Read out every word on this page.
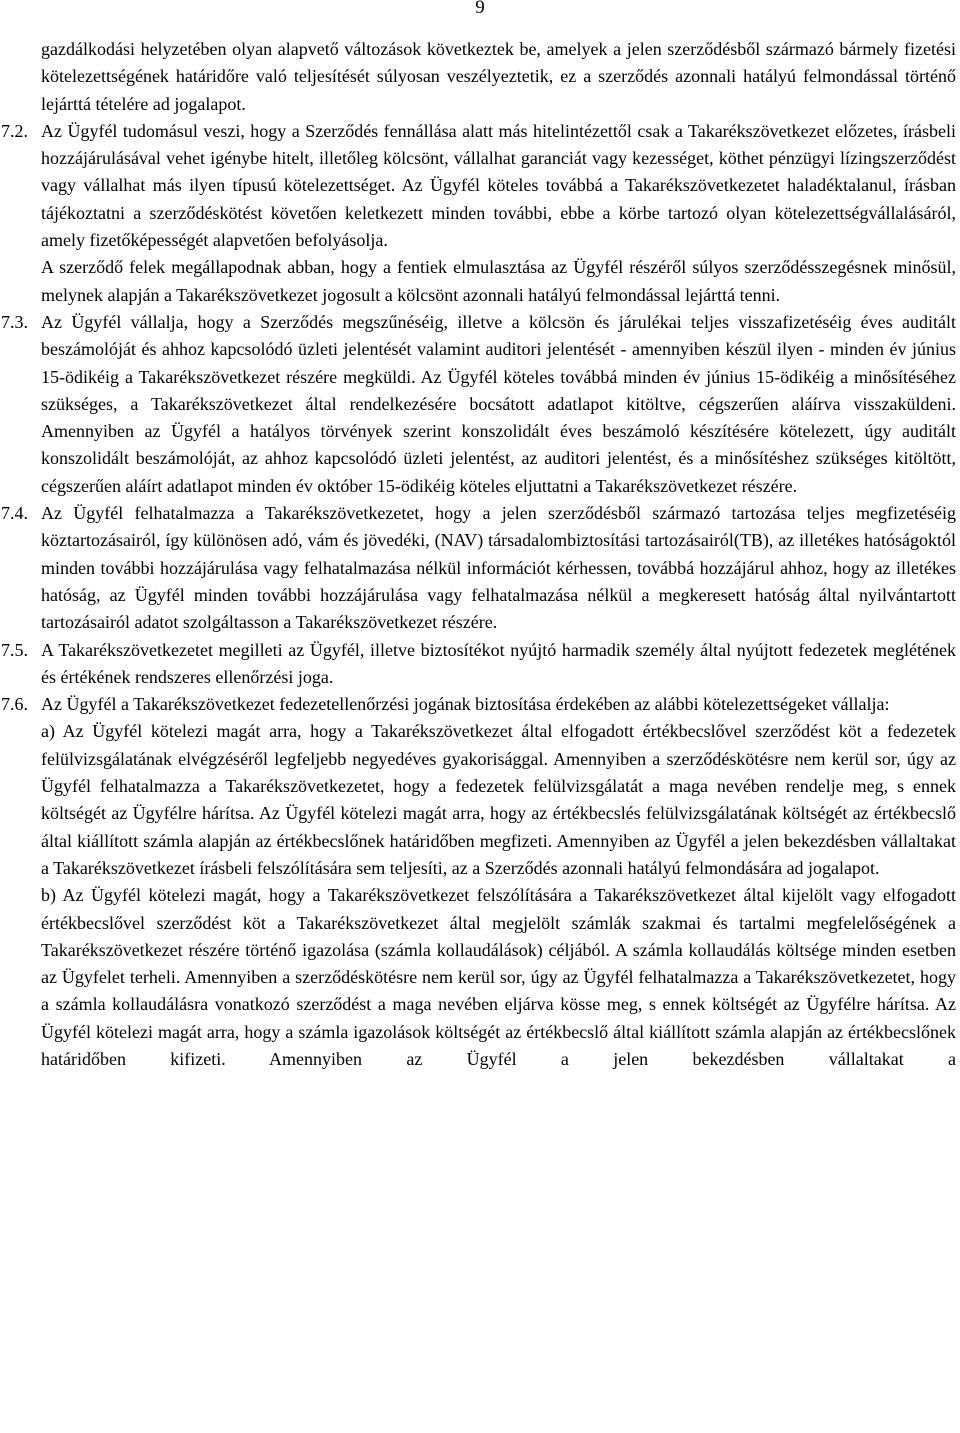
9

gazdálkodási helyzetében olyan alapvető változások következtek be, amelyek a jelen szerződésből származó bármely fizetési kötelezettségének határidőre való teljesítését súlyosan veszélyeztetik, ez a szerződés azonnali hatályú felmondással történő lejárttá tételére ad jogalapot.

7.2. Az Ügyfél tudomásul veszi, hogy a Szerződés fennállása alatt más hitelintézettől csak a Takarékszövetkezet előzetes, írásbeli hozzájárulásával vehet igénybe hitelt, illetőleg kölcsönt, vállalhat garanciát vagy kezességet, köthet pénzügyi lízingszerződést vagy vállalhat más ilyen típusú kötelezettséget. Az Ügyfél köteles továbbá a Takarékszövetkezetet haladéktalanul, írásban tájékoztatni a szerződéskötést követően keletkezett minden további, ebbe a körbe tartozó olyan kötelezettségvállalásáról, amely fizetőképességét alapvetően befolyásolja.

A szerződő felek megállapodnak abban, hogy a fentiek elmulasztása az Ügyfél részéről súlyos szerződésszegésnek minősül, melynek alapján a Takarékszövetkezet jogosult a kölcsönt azonnali hatályú felmondással lejárttá tenni.

7.3. Az Ügyfél vállalja, hogy a Szerződés megszűnéséig, illetve a kölcsön és járulékai teljes visszafizetéséig éves auditált beszámolóját és ahhoz kapcsolódó üzleti jelentését valamint auditori jelentését - amennyiben készül ilyen - minden év június 15-ödikéig a Takarékszövetkezet részére megküldi. Az Ügyfél köteles továbbá minden év június 15-ödikéig a minősítéséhez szükséges, a Takarékszövetkezet által rendelkezésére bocsátott adatlapot kitöltve, cégszerűen aláírva visszaküldeni. Amennyiben az Ügyfél a hatályos törvények szerint konszolidált éves beszámoló készítésére kötelezett, úgy auditált konszolidált beszámolóját, az ahhoz kapcsolódó üzleti jelentést, az auditori jelentést, és a minősítéshez szükséges kitöltött, cégszerűen aláírt adatlapot minden év október 15-ödikéig köteles eljuttatni a Takarékszövetkezet részére.

7.4. Az Ügyfél felhatalmazza a Takarékszövetkezetet, hogy a jelen szerződésből származó tartozása teljes megfizetéséig köztartozásairól, így különösen adó, vám és jövedéki, (NAV) társadalombiztosítási tartozásairól(TB), az illetékes hatóságoktól minden további hozzájárulása vagy felhatalmazása nélkül információt kérhessen, továbbá hozzájárul ahhoz, hogy az illetékes hatóság, az Ügyfél minden további hozzájárulása vagy felhatalmazása nélkül a megkeresett hatóság által nyilvántartott tartozásairól adatot szolgáltasson a Takarékszövetkezet részére.

7.5. A Takarékszövetkezetet megilleti az Ügyfél, illetve biztosítékot nyújtó harmadik személy által nyújtott fedezetek meglétének és értékének rendszeres ellenőrzési joga.

7.6. Az Ügyfél a Takarékszövetkezet fedezetellenőrzési jogának biztosítása érdekében az alábbi kötelezettségeket vállalja:

a) Az Ügyfél kötelezi magát arra, hogy a Takarékszövetkezet által elfogadott értékbecslővel szerződést köt a fedezetek felülvizsgálatának elvégzéséről legfeljebb negyedéves gyakorisággal. Amennyiben a szerződéskötésre nem kerül sor, úgy az Ügyfél felhatalmazza a Takarékszövetkezetet, hogy a fedezetek felülvizsgálatát a maga nevében rendelje meg, s ennek költségét az Ügyfélre hárítsa. Az Ügyfél kötelezi magát arra, hogy az értékbecslés felülvizsgálatának költségét az értékbecslő által kiállított számla alapján az értékbecslőnek határidőben megfizeti. Amennyiben az Ügyfél a jelen bekezdésben vállaltakat a Takarékszövetkezet írásbeli felszólítására sem teljesíti, az a Szerződés azonnali hatályú felmondására ad jogalapot.

b) Az Ügyfél kötelezi magát, hogy a Takarékszövetkezet felszólítására a Takarékszövetkezet által kijelölt vagy elfogadott értékbecslővel szerződést köt a Takarékszövetkezet által megjelölt számlák szakmai és tartalmi megfelelőségének a Takarékszövetkezet részére történő igazolása (számla kollaudálások) céljából. A számla kollaudálás költsége minden esetben az Ügyfelet terheli. Amennyiben a szerződéskötésre nem kerül sor, úgy az Ügyfél felhatalmazza a Takarékszövetkezetet, hogy a számla kollaudálásra vonatkozó szerződést a maga nevében eljárva kösse meg, s ennek költségét az Ügyfélre hárítsa. Az Ügyfél kötelezi magát arra, hogy a számla igazolások költségét az értékbecslő által kiállított számla alapján az értékbecslőnek határidőben kifizeti. Amennyiben az Ügyfél a jelen bekezdésben vállaltakat a
